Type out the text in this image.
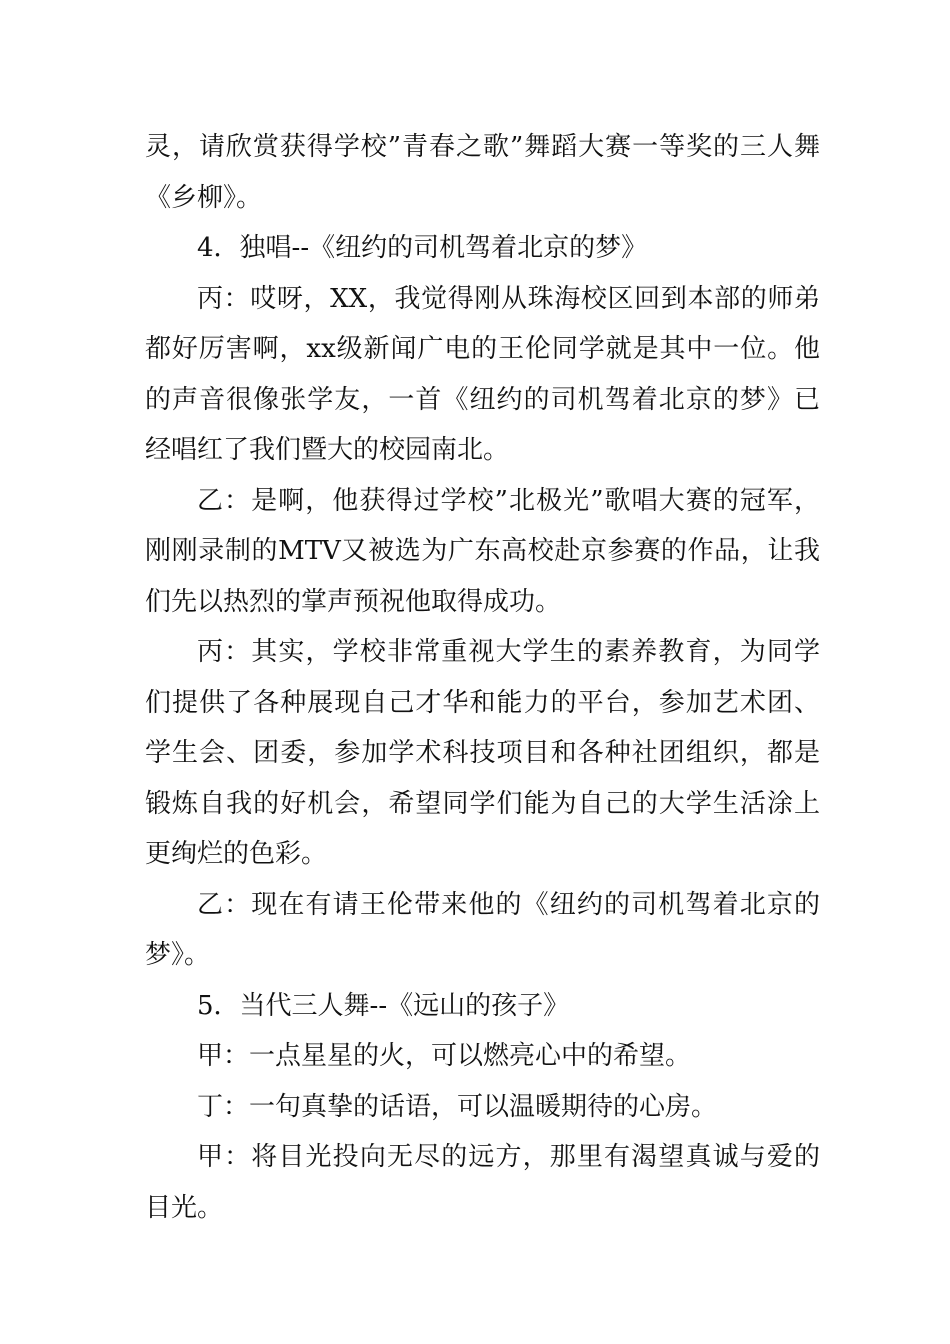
灵，请欣赏获得学校”青春之歌”舞蹈大赛一等奖的三人舞《乡柳》。

4．独唱--《纽约的司机驾着北京的梦》

丙：哎呀，XX，我觉得刚从珠海校区回到本部的师弟都好厉害啊，xx级新闻广电的王伦同学就是其中一位。他的声音很像张学友，一首《纽约的司机驾着北京的梦》已经唱红了我们暨大的校园南北。

乙：是啊，他获得过学校”北极光”歌唱大赛的冠军，刚刚录制的MTV又被选为广东高校赴京参赛的作品，让我们先以热烈的掌声预祝他取得成功。

丙：其实，学校非常重视大学生的素养教育，为同学们提供了各种展现自己才华和能力的平台，参加艺术团、学生会、团委，参加学术科技项目和各种社团组织，都是锻炼自我的好机会，希望同学们能为自己的大学生活涂上更绚烂的色彩。

乙：现在有请王伦带来他的《纽约的司机驾着北京的梦》。

5．当代三人舞--《远山的孩子》

甲：一点星星的火，可以燃亮心中的希望。

丁：一句真挚的话语，可以温暖期待的心房。

甲：将目光投向无尽的远方，那里有渴望真诚与爱的目光。
